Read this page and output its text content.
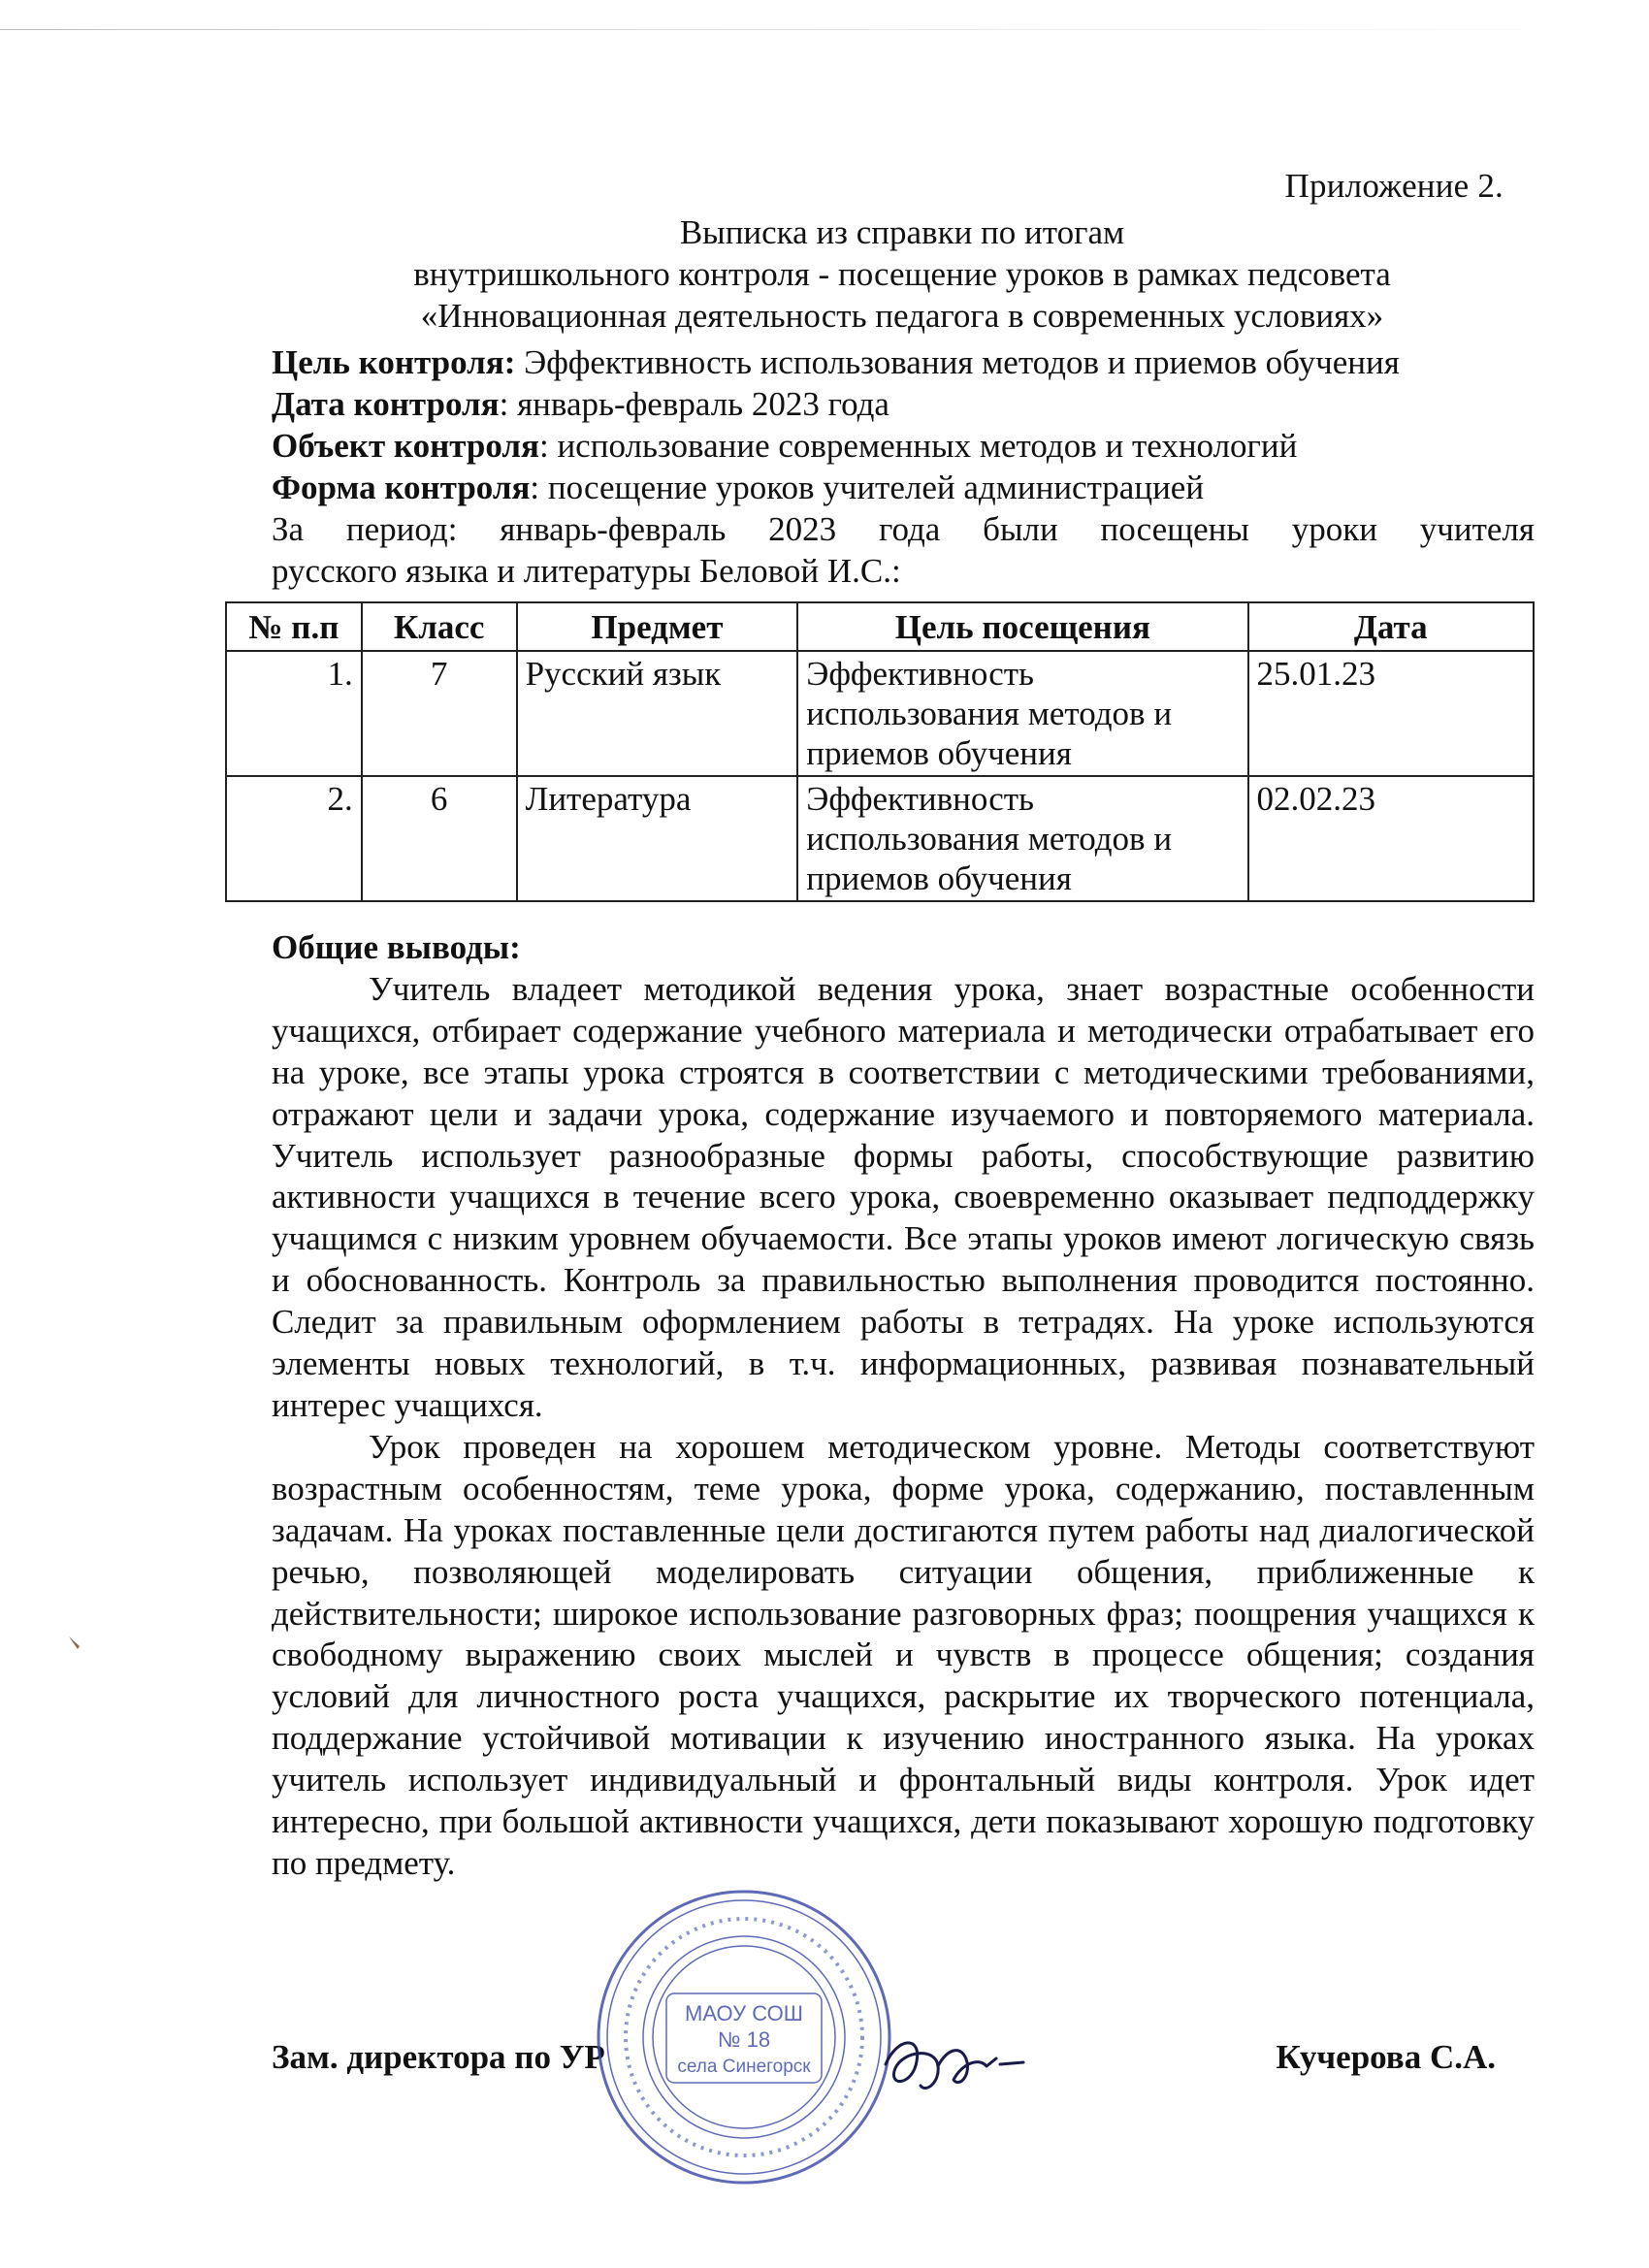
Приложение 2.
Выписка из справки по итогам
внутришкольного контроля - посещение уроков в рамках педсовета
«Инновационная деятельность педагога в современных условиях»
Цель контроля: Эффективность использования методов и приемов обучения
Дата контроля: январь-февраль 2023 года
Объект контроля: использование современных методов и технологий
Форма контроля: посещение уроков учителей администрацией
За период: январь-февраль 2023 года были посещены уроки учителя
русского языка и литературы Беловой И.С.:
№ п.п	Класс	Предмет	Цель посещения	Дата
1.	7	Русский язык	Эффективность использования методов и приемов обучения	25.01.23
2.	6	Литература	Эффективность использования методов и приемов обучения	02.02.23
Общие выводы:

Учитель владеет методикой ведения урока, знает возрастные особенности учащихся, отбирает содержание учебного материала и методически отрабатывает его на уроке, все этапы урока строятся в соответствии с методическими требованиями, отражают цели и задачи урока, содержание изучаемого и повторяемого материала. Учитель использует разнообразные формы работы, способствующие развитию активности учащихся в течение всего урока, своевременно оказывает педподдержку учащимся с низким уровнем обучаемости. Все этапы уроков имеют логическую связь и обоснованность. Контроль за правильностью выполнения проводится постоянно. Следит за правильным оформлением работы в тетрадях. На уроке используются элементы новых технологий, в т.ч. информационных, развивая познавательный интерес учащихся.

Урок проведен на хорошем методическом уровне. Методы соответствуют возрастным особенностям, теме урока, форме урока, содержанию, поставленным задачам. На уроках поставленные цели достигаются путем работы над диалогической речью, позволяющей моделировать ситуации общения, приближенные к действительности; широкое использование разговорных фраз; поощрения учащихся к свободному выражению своих мыслей и чувств в процессе общения; создания условий для личностного роста учащихся, раскрытие их творческого потенциала, поддержание устойчивой мотивации к изучению иностранного языка. На уроках учитель использует индивидуальный и фронтальный виды контроля. Урок идет интересно, при большой активности учащихся, дети показывают хорошую подготовку по предмету.

Зам. директора по УР	Кучерова С.А.
МАОУ СОШ
№ 18
села Синегорск
